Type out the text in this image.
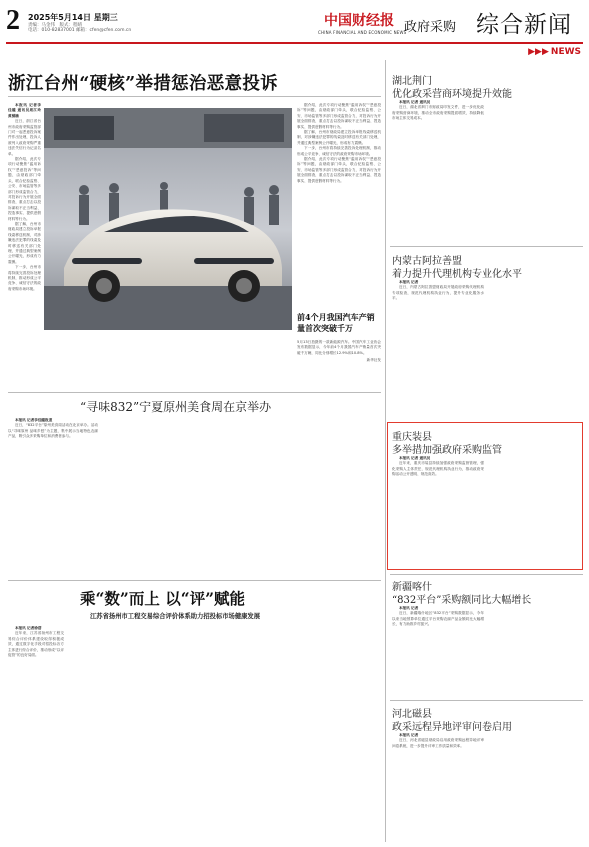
2 2025年5月14日 星期三
责编：马金伟　版式：程晴
电话：010-82837001 邮箱：cfen@cfen.com.cn
中国财经报
CHINA FINANCIAL AND ECONOMIC NEWS
政府采购 综合新闻
▶▶▶ NEWS
浙江台州“硬核”举措惩治恶意投诉

本报讯 记者李佳瞳 通讯员周江玲 黄梯楠

近日，浙江省台州市政府采购监管部门对一起恶意投诉案件作出处理，投诉人被列入政府采购严重违法失信行为记录名单。

据介绍，此次专项行动聚焦“滥用诉权”“恶意投诉”等问题，由财政部门牵头，联合纪检监察、公安、市场监管等多部门形成监管合力，对投诉行为开展全面排查，重点打击以投诉谋取不正当利益、捏造事实、提供虚假材料等行为。

据了解，台州市财政局建立投诉举报线索移送机制，对涉嫌违法犯罪的线索及时移送有关部门处理，并通过典型案例公开曝光，形成有力震慑。

下一步，台州市将持续完善投诉处理机制，推动形成公平竞争、诚信守法的政府采购市场环境。

据介绍，此次专项行动聚焦“滥用诉权”“恶意投诉”等问题，由财政部门牵头，联合纪检监察、公安、市场监管等多部门形成监管合力，对投诉行为开展全面排查，重点打击以投诉谋取不正当利益、捏造事实、提供虚假材料等行为。

据了解，台州市财政局建立投诉举报线索移送机制，对涉嫌违法犯罪的线索及时移送有关部门处理，并通过典型案例公开曝光，形成有力震慑。

下一步，台州市将持续完善投诉处理机制，推动形成公平竞争、诚信守法的政府采购市场环境。

据介绍，此次专项行动聚焦“滥用诉权”“恶意投诉”等问题，由财政部门牵头，联合纪检监察、公安、市场监管等多部门形成监管合力，对投诉行为开展全面排查，重点打击以投诉谋取不正当利益、捏造事实、提供虚假材料等行为。

前4个月我国汽车产销量首次突破千万
5月13日拍摄的一款新能源汽车。中国汽车工业协会发布数据显示，今年前4个月我国汽车产销量首次突破千万辆，同比分别增长12.9%和10.8%。
新华社发
“寻味832”宁夏原州美食周在京举办

本报讯 记者李佳瞳报道

近日，“832平台”原州美食周活动在北京举办。活动以“寻味原州 品味乡愁”为主题，集中展示当地特色农副产品，吸引众多采购单位和消费者参与。

乘“数”而上 以“评”赋能
江苏省扬州市工程交易综合评价体系助力招投标市场健康发展

本报讯 记者徐蓓

近年来，江苏省扬州市工程交易综合评价体系建设取得积极成效，通过数字化手段对招投标各方主体进行综合评价，推动形成“以评促管”的良好局面。

湖北荆门
优化政采营商环境提升效能

本报讯 记者 通讯员

近日，湖北省荆门市财政局印发文件，进一步优化政府采购营商环境，推动全市政府采购提质增效，持续降低市场主体交易成本。

内蒙古阿拉善盟
着力提升代理机构专业化水平

本报讯 记者

近日，内蒙古阿拉善盟财政局开展政府采购代理机构专项检查，规范代理机构执业行为，提升专业化服务水平。

重庆装县
多举措加强政府采购监管

本报讯 记者 通讯员

近年来，重庆市装县持续加强政府采购监督管理，强化采购人主体责任，规范代理机构执业行为，推动政府采购活动公开透明、规范高效。

新疆喀什
“832平台”采购额同比大幅增长

本报讯 记者

近日，新疆喀什地区“832平台”采购数据显示，今年以来当地预算单位通过平台采购农副产品金额同比大幅增长，有力助推乡村振兴。

河北磁县
政采远程异地评审问卷启用

本报讯 记者

近日，河北省磁县财政局启用政府采购远程异地评审问卷系统，进一步提升评审工作质量和效率。
